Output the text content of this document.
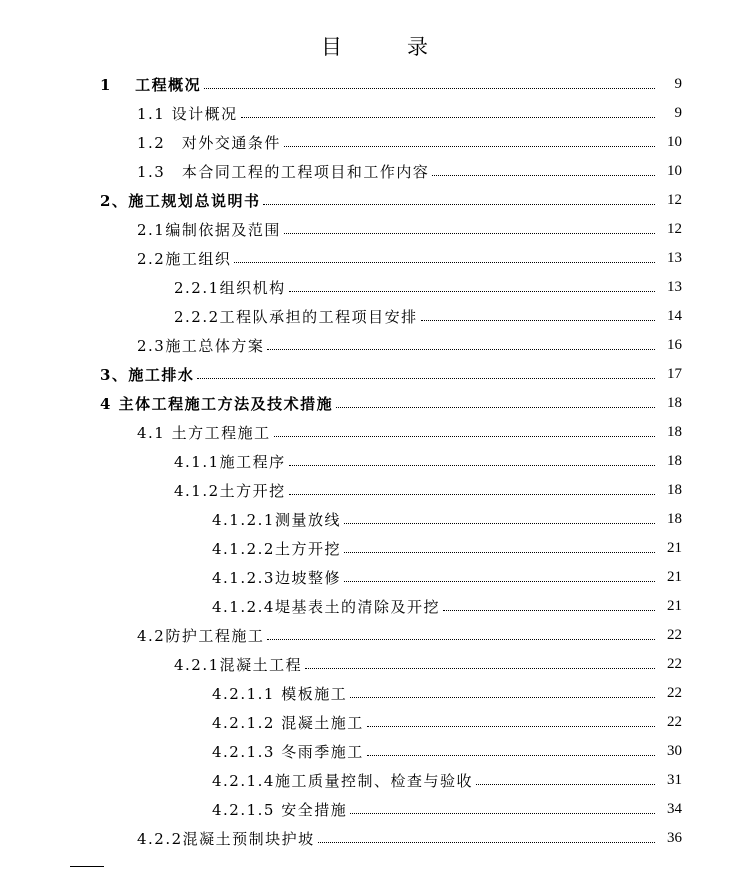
目　录
1　 工程概况	9
1.1 设计概况	9
1.2　对外交通条件	10
1.3　本合同工程的工程项目和工作内容	10
2、施工规划总说明书	12
2.1编制依据及范围	12
2.2施工组织	13
2.2.1组织机构	13
2.2.2工程队承担的工程项目安排	14
2.3施工总体方案	16
3、施工排水	17
4 主体工程施工方法及技术措施	18
4.1 土方工程施工	18
4.1.1施工程序	18
4.1.2土方开挖	18
4.1.2.1测量放线	18
4.1.2.2土方开挖	21
4.1.2.3边坡整修	21
4.1.2.4堤基表土的清除及开挖	21
4.2防护工程施工	22
4.2.1混凝土工程	22
4.2.1.1 模板施工	22
4.2.1.2 混凝土施工	22
4.2.1.3 冬雨季施工	30
4.2.1.4施工质量控制、检查与验收	31
4.2.1.5 安全措施	34
4.2.2混凝土预制块护坡	36
